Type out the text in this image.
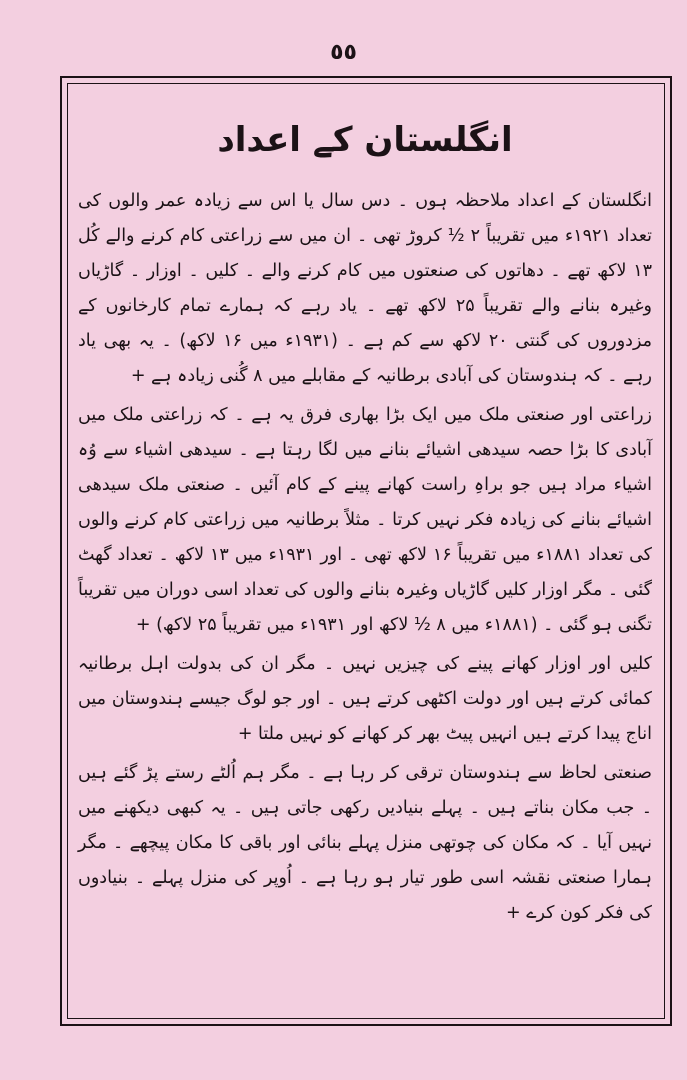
٥٥
انگلستان کے اعداد

انگلستان کے اعداد ملاحظہ ہوں ۔ دس سال یا اس سے زیادہ عمر والوں کی تعداد ۱۹۲۱ء میں تقریباً ۲ ½ کروڑ تھی ۔ ان میں سے زراعتی کام کرنے والے کُل ۱۳ لاکھ تھے ۔ دھاتوں کی صنعتوں میں کام کرنے والے ۔ کلیں ۔ اوزار ۔ گاڑیاں وغیرہ بنانے والے تقریباً ۲۵ لاکھ تھے ۔ یاد رہے کہ ہمارے تمام کارخانوں کے مزدوروں کی گنتی ۲۰ لاکھ سے کم ہے ۔ (۱۹۳۱ء میں ۱۶ لاکھ) ۔ یہ بھی یاد رہے ۔ کہ ہندوستان کی آبادی برطانیہ کے مقابلے میں ۸ گُنی زیادہ ہے +

زراعتی اور صنعتی ملک میں ایک بڑا بھاری فرق یہ ہے ۔ کہ زراعتی ملک میں آبادی کا بڑا حصہ سیدھی اشیائے بنانے میں لگا رہتا ہے ۔ سیدھی اشیاء سے وُہ اشیاء مراد ہیں جو براہِ راست کھانے پینے کے کام آئیں ۔ صنعتی ملک سیدھی اشیائے بنانے کی زیادہ فکر نہیں کرتا ۔ مثلاً برطانیہ میں زراعتی کام کرنے والوں کی تعداد ۱۸۸۱ء میں تقریباً ۱۶ لاکھ تھی ۔ اور ۱۹۳۱ء میں ۱۳ لاکھ ۔ تعداد گھٹ گئی ۔ مگر اوزار کلیں گاڑیاں وغیرہ بنانے والوں کی تعداد اسی دوران میں تقریباً تگنی ہو گئی ۔ (۱۸۸۱ء میں ۸ ½ لاکھ اور ۱۹۳۱ء میں تقریباً ۲۵ لاکھ) +

کلیں اور اوزار کھانے پینے کی چیزیں نہیں ۔ مگر ان کی بدولت اہل برطانیہ کمائی کرتے ہیں اور دولت اکٹھی کرتے ہیں ۔ اور جو لوگ جیسے ہندوستان میں اناج پیدا کرتے ہیں انہیں پیٹ بھر کر کھانے کو نہیں ملتا +

صنعتی لحاظ سے ہندوستان ترقی کر رہا ہے ۔ مگر ہم اُلٹے رستے پڑ گئے ہیں ۔ جب مکان بناتے ہیں ۔ پہلے بنیادیں رکھی جاتی ہیں ۔ یہ کبھی دیکھنے میں نہیں آیا ۔ کہ مکان کی چوتھی منزل پہلے بنائی اور باقی کا مکان پیچھے ۔ مگر ہمارا صنعتی نقشہ اسی طور تیار ہو رہا ہے ۔ اُوپر کی منزل پہلے ۔ بنیادوں کی فکر کون کرے +
